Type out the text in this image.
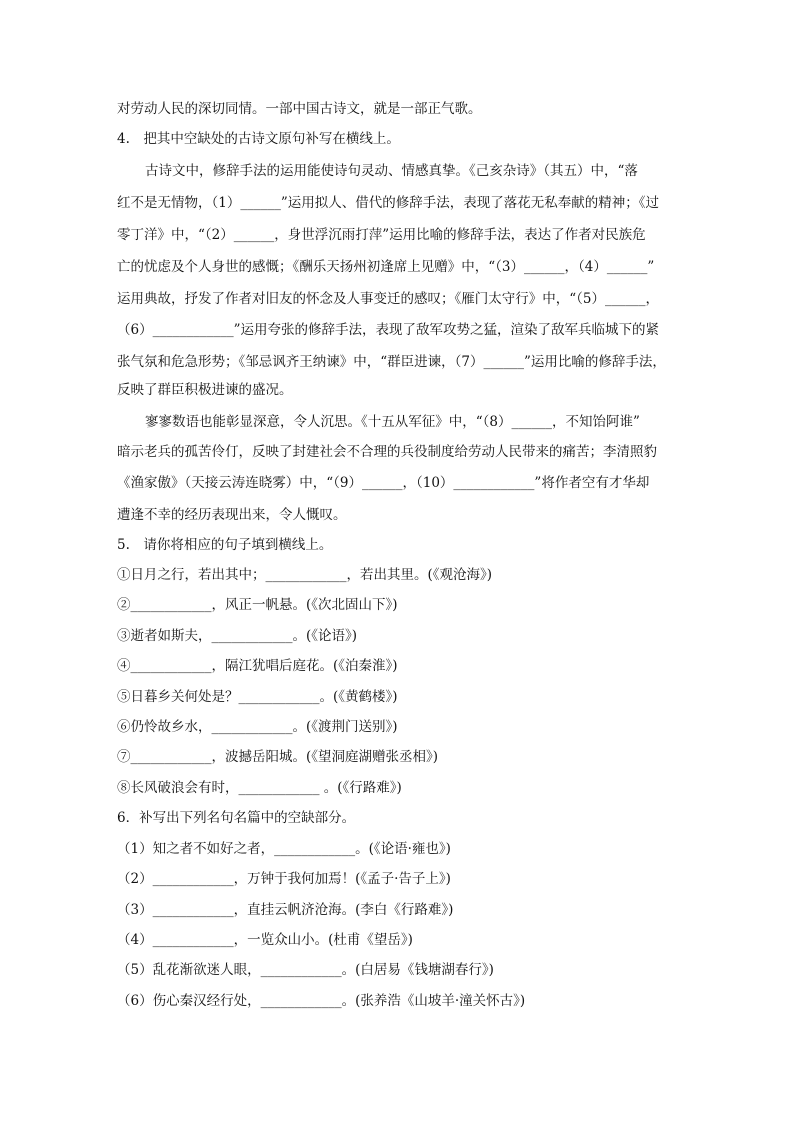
对劳动人民的深切同情。一部中国古诗文，就是一部正气歌。
4.　把其中空缺处的古诗文原句补写在横线上。
古诗文中，修辞手法的运用能使诗句灵动、情感真挚。《己亥杂诗》（其五）中，“落
红不是无情物，（1）______”运用拟人、借代的修辞手法，表现了落花无私奉献的精神；《过
零丁洋》中，“（2）______，身世浮沉雨打萍”运用比喻的修辞手法，表达了作者对民族危
亡的忧虑及个人身世的感慨；《酬乐天扬州初逢席上见赠》中，“（3）______，（4）______”
运用典故，抒发了作者对旧友的怀念及人事变迁的感叹；《雁门太守行》中，“（5）______，
（6）____________”运用夸张的修辞手法，表现了敌军攻势之猛，渲染了敌军兵临城下的紧
张气氛和危急形势；《邹忌讽齐王纳谏》中，“群臣进谏，（7）______”运用比喻的修辞手法，
反映了群臣积极进谏的盛况。
寥寥数语也能彰显深意，令人沉思。《十五从军征》中，“（8）______，不知饴阿谁”
暗示老兵的孤苦伶仃，反映了封建社会不合理的兵役制度给劳动人民带来的痛苦；李清照豹
《渔家傲》（天接云涛连晓雾）中，“（9）______，（10）____________”将作者空有才华却
遭逢不幸的经历表现出来，令人慨叹。
5.　请你将相应的句子填到横线上。
①日月之行，若出其中；____________，若出其里。(《观沧海》)
②____________，风正一帆悬。(《次北固山下》)
③逝者如斯夫，____________。(《论语》)
④____________，隔江犹唱后庭花。(《泊秦淮》)
⑤日暮乡关何处是？____________。(《黄鹤楼》)
⑥仍怜故乡水，____________。(《渡荆门送别》)
⑦____________，波撼岳阳城。(《望洞庭湖赠张丞相》)
⑧长风破浪会有时，____________ 。(《行路难》)
6．补写出下列名句名篇中的空缺部分。
（1）知之者不如好之者，____________。(《论语·雍也》)
（2）____________，万钟于我何加焉！(《孟子·告子上》)
（3）____________，直挂云帆济沧海。(李白《行路难》)
（4）____________，一览众山小。(杜甫《望岳》)
（5）乱花渐欲迷人眼，____________。(白居易《钱塘湖春行》)
（6）伤心秦汉经行处，____________。(张养浩《山坡羊·潼关怀古》)
